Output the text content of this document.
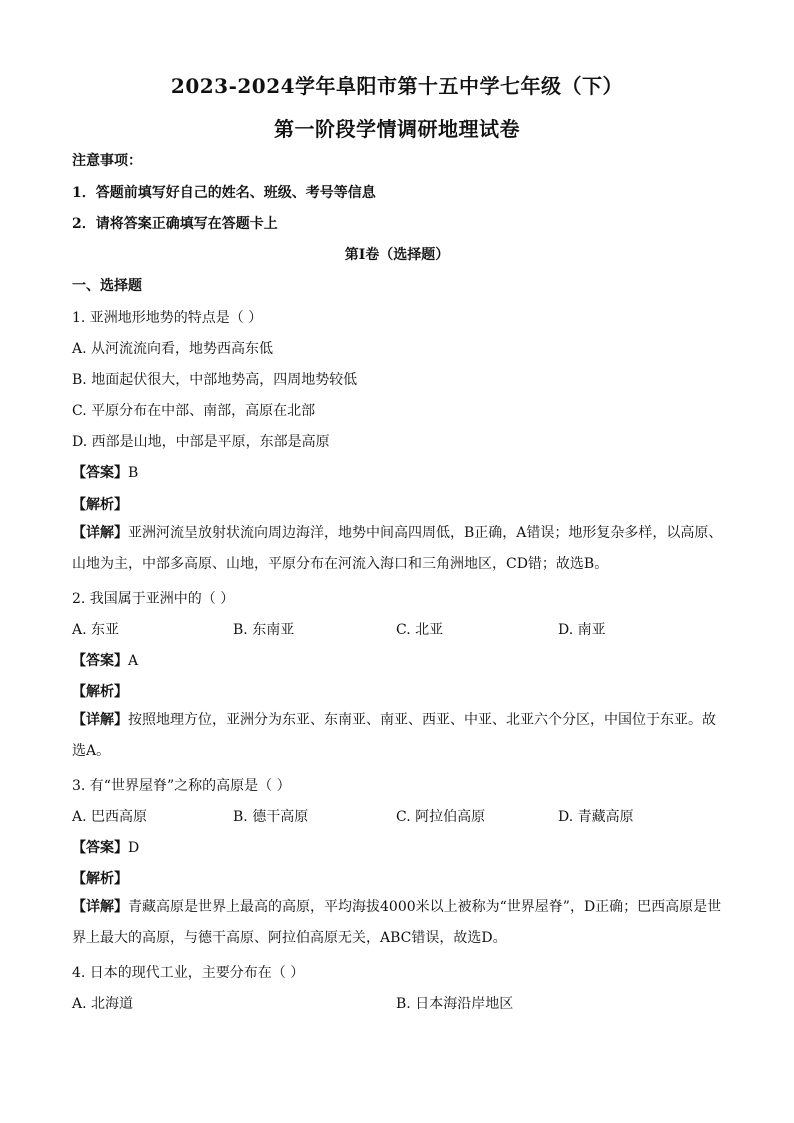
2023-2024学年阜阳市第十五中学七年级（下）
第一阶段学情调研地理试卷
注意事项：
1．答题前填写好自己的姓名、班级、考号等信息
2．请将答案正确填写在答题卡上
第Ⅰ卷（选择题）
一、选择题
1. 亚洲地形地势的特点是（ ）
A. 从河流流向看，地势西高东低
B. 地面起伏很大，中部地势高，四周地势较低
C. 平原分布在中部、南部，高原在北部
D. 西部是山地，中部是平原，东部是高原
【答案】B
【解析】
【详解】亚洲河流呈放射状流向周边海洋，地势中间高四周低，B正确，A错误；地形复杂多样，以高原、山地为主，中部多高原、山地，平原分布在河流入海口和三角洲地区，CD错；故选B。
2. 我国属于亚洲中的（ ）
A. 东亚	B. 东南亚	C. 北亚	D. 南亚
【答案】A
【解析】
【详解】按照地理方位，亚洲分为东亚、东南亚、南亚、西亚、中亚、北亚六个分区，中国位于东亚。故选A。
3. 有“世界屋脊”之称的高原是（ ）
A. 巴西高原	B. 德干高原	C. 阿拉伯高原	D. 青藏高原
【答案】D
【解析】
【详解】青藏高原是世界上最高的高原，平均海拔4000米以上被称为“世界屋脊”，D正确；巴西高原是世界上最大的高原，与德干高原、阿拉伯高原无关，ABC错误，故选D。
4. 日本的现代工业，主要分布在（ ）
A. 北海道	B. 日本海沿岸地区
